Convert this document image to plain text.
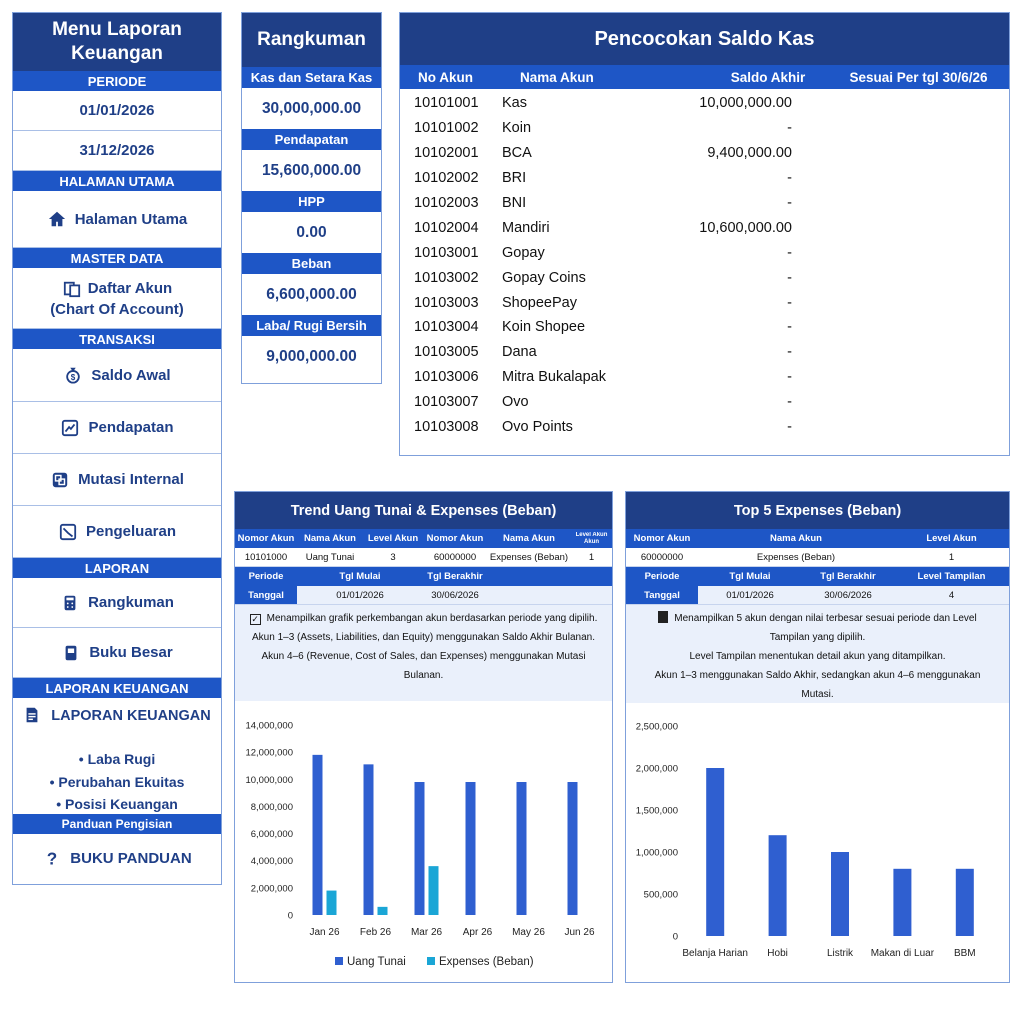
Menu Laporan Keuangan
PERIODE
01/01/2026
31/12/2026
HALAMAN UTAMA
Halaman Utama
MASTER DATA
Daftar Akun
(Chart Of Account)
TRANSAKSI
$ Saldo Awal
Pendapatan
Mutasi Internal
Pengeluaran
LAPORAN
Rangkuman
Buku Besar
LAPORAN KEUANGAN
LAPORAN KEUANGAN
• Laba Rugi
• Perubahan Ekuitas
• Posisi Keuangan
Panduan Pengisian
? BUKU PANDUAN
Rangkuman
Kas dan Setara Kas
30,000,000.00
Pendapatan
15,600,000.00
HPP
0.00
Beban
6,600,000.00
Laba/ Rugi Bersih
9,000,000.00
Pencocokan Saldo Kas
No Akun	Nama Akun	Saldo Akhir	Sesuai Per tgl 30/6/26
10101001	Kas	10,000,000.00
10101002	Koin	-
10102001	BCA	9,400,000.00
10102002	BRI	-
10102003	BNI	-
10102004	Mandiri	10,600,000.00
10103001	Gopay	-
10103002	Gopay Coins	-
10103003	ShopeePay	-
10103004	Koin Shopee	-
10103005	Dana	-
10103006	Mitra Bukalapak	-
10103007	Ovo	-
10103008	Ovo Points	-
Trend Uang Tunai & Expenses (Beban)
Nomor Akun	Nama Akun	Level Akun Nomor Akun	Nama Akun	Level Akun Akun
10101000	Uang Tunai	3	60000000	Expenses (Beban)	1
Periode	Tgl Mulai	Tgl Berakhir
Tanggal	01/01/2026	30/06/2026
✓ Menampilkan grafik perkembangan akun berdasarkan periode yang dipilih.
Akun 1–3 (Assets, Liabilities, dan Equity) menggunakan Saldo Akhir Bulanan.
Akun 4–6 (Revenue, Cost of Sales, dan Expenses) menggunakan Mutasi Bulanan.
0
2,000,000
4,000,000
6,000,000
8,000,000
10,000,000
12,000,000
14,000,000
Jan 26 Feb 26 Mar 26 Apr 26 May 26 Jun 26
Uang Tunai	Expenses (Beban)
Top 5 Expenses (Beban)
Nomor Akun	Nama Akun	Level Akun
60000000	Expenses (Beban)	1
Periode	Tgl Mulai	Tgl Berakhir	Level Tampilan
Tanggal	01/01/2026	30/06/2026	4
Menampilkan 5 akun dengan nilai terbesar sesuai periode dan Level
Tampilan yang dipilih.
Level Tampilan menentukan detail akun yang ditampilkan.
Akun 1–3 menggunakan Saldo Akhir, sedangkan akun 4–6 menggunakan
Mutasi.
0
500,000
1,000,000
1,500,000
2,000,000
2,500,000
Belanja Harian Hobi	Listrik Makan di Luar BBM
